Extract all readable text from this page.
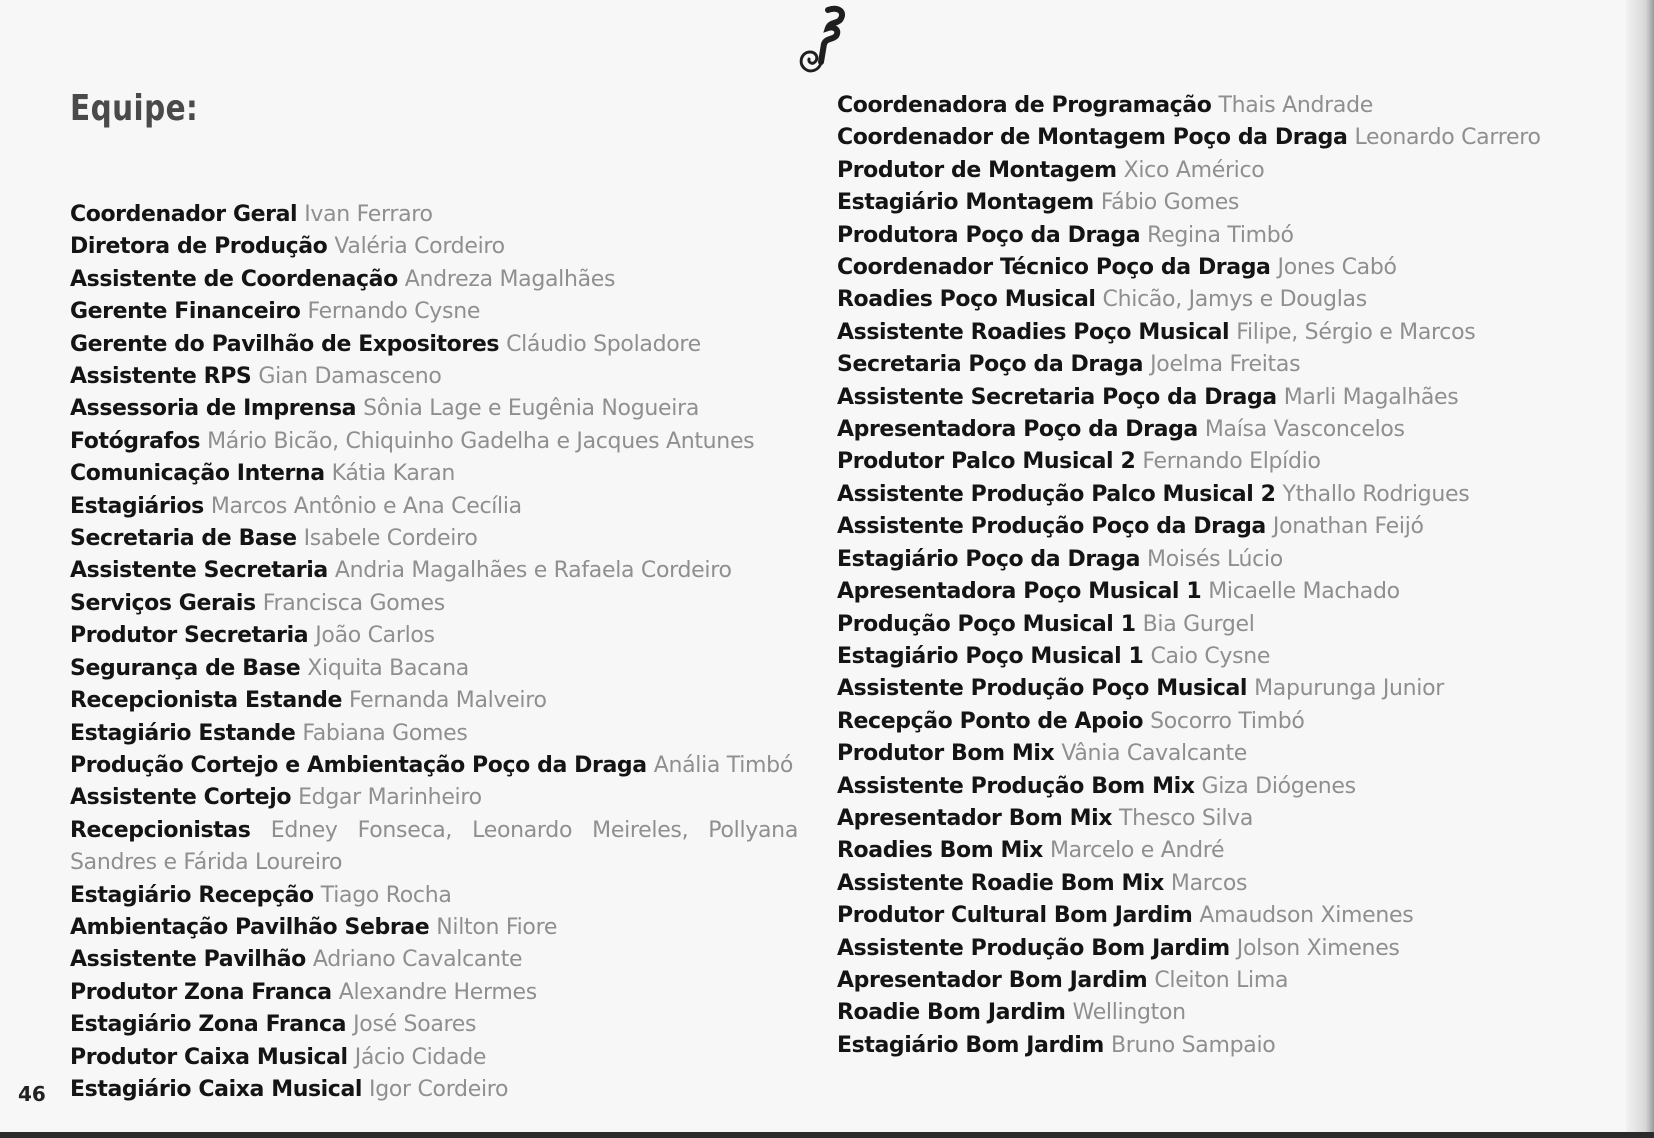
Equipe:
Coordenador Geral Ivan Ferraro
Diretora de Produção Valéria Cordeiro
Assistente de Coordenação Andreza Magalhães
Gerente Financeiro Fernando Cysne
Gerente do Pavilhão de Expositores Cláudio Spoladore
Assistente RPS Gian Damasceno
Assessoria de Imprensa Sônia Lage e Eugênia Nogueira
Fotógrafos Mário Bicão, Chiquinho Gadelha e Jacques Antunes
Comunicação Interna Kátia Karan
Estagiários Marcos Antônio e Ana Cecília
Secretaria de Base Isabele Cordeiro
Assistente Secretaria Andria Magalhães e Rafaela Cordeiro
Serviços Gerais Francisca Gomes
Produtor Secretaria João Carlos
Segurança de Base Xiquita Bacana
Recepcionista Estande Fernanda Malveiro
Estagiário Estande Fabiana Gomes
Produção Cortejo e Ambientação Poço da Draga Anália Timbó
Assistente Cortejo Edgar Marinheiro
Recepcionistas Edney Fonseca, Leonardo Meireles, Pollyana Sandres e Fárida Loureiro
Estagiário Recepção Tiago Rocha
Ambientação Pavilhão Sebrae Nilton Fiore
Assistente Pavilhão Adriano Cavalcante
Produtor Zona Franca Alexandre Hermes
Estagiário Zona Franca José Soares
Produtor Caixa Musical Jácio Cidade
Estagiário Caixa Musical Igor Cordeiro
Coordenadora de Programação Thais Andrade
Coordenador de Montagem Poço da Draga Leonardo Carrero
Produtor de Montagem Xico Américo
Estagiário Montagem Fábio Gomes
Produtora Poço da Draga Regina Timbó
Coordenador Técnico Poço da Draga Jones Cabó
Roadies Poço Musical Chicão, Jamys e Douglas
Assistente Roadies Poço Musical Filipe, Sérgio e Marcos
Secretaria Poço da Draga Joelma Freitas
Assistente Secretaria Poço da Draga Marli Magalhães
Apresentadora Poço da Draga Maísa Vasconcelos
Produtor Palco Musical 2 Fernando Elpídio
Assistente Produção Palco Musical 2 Ythallo Rodrigues
Assistente Produção Poço da Draga Jonathan Feijó
Estagiário Poço da Draga Moisés Lúcio
Apresentadora Poço Musical 1 Micaelle Machado
Produção Poço Musical 1 Bia Gurgel
Estagiário Poço Musical 1 Caio Cysne
Assistente Produção Poço Musical Mapurunga Junior
Recepção Ponto de Apoio Socorro Timbó
Produtor Bom Mix Vânia Cavalcante
Assistente Produção Bom Mix Giza Diógenes
Apresentador Bom Mix Thesco Silva
Roadies Bom Mix Marcelo e André
Assistente Roadie Bom Mix Marcos
Produtor Cultural Bom Jardim Amaudson Ximenes
Assistente Produção Bom Jardim Jolson Ximenes
Apresentador Bom Jardim Cleiton Lima
Roadie Bom Jardim Wellington
Estagiário Bom Jardim Bruno Sampaio
46
